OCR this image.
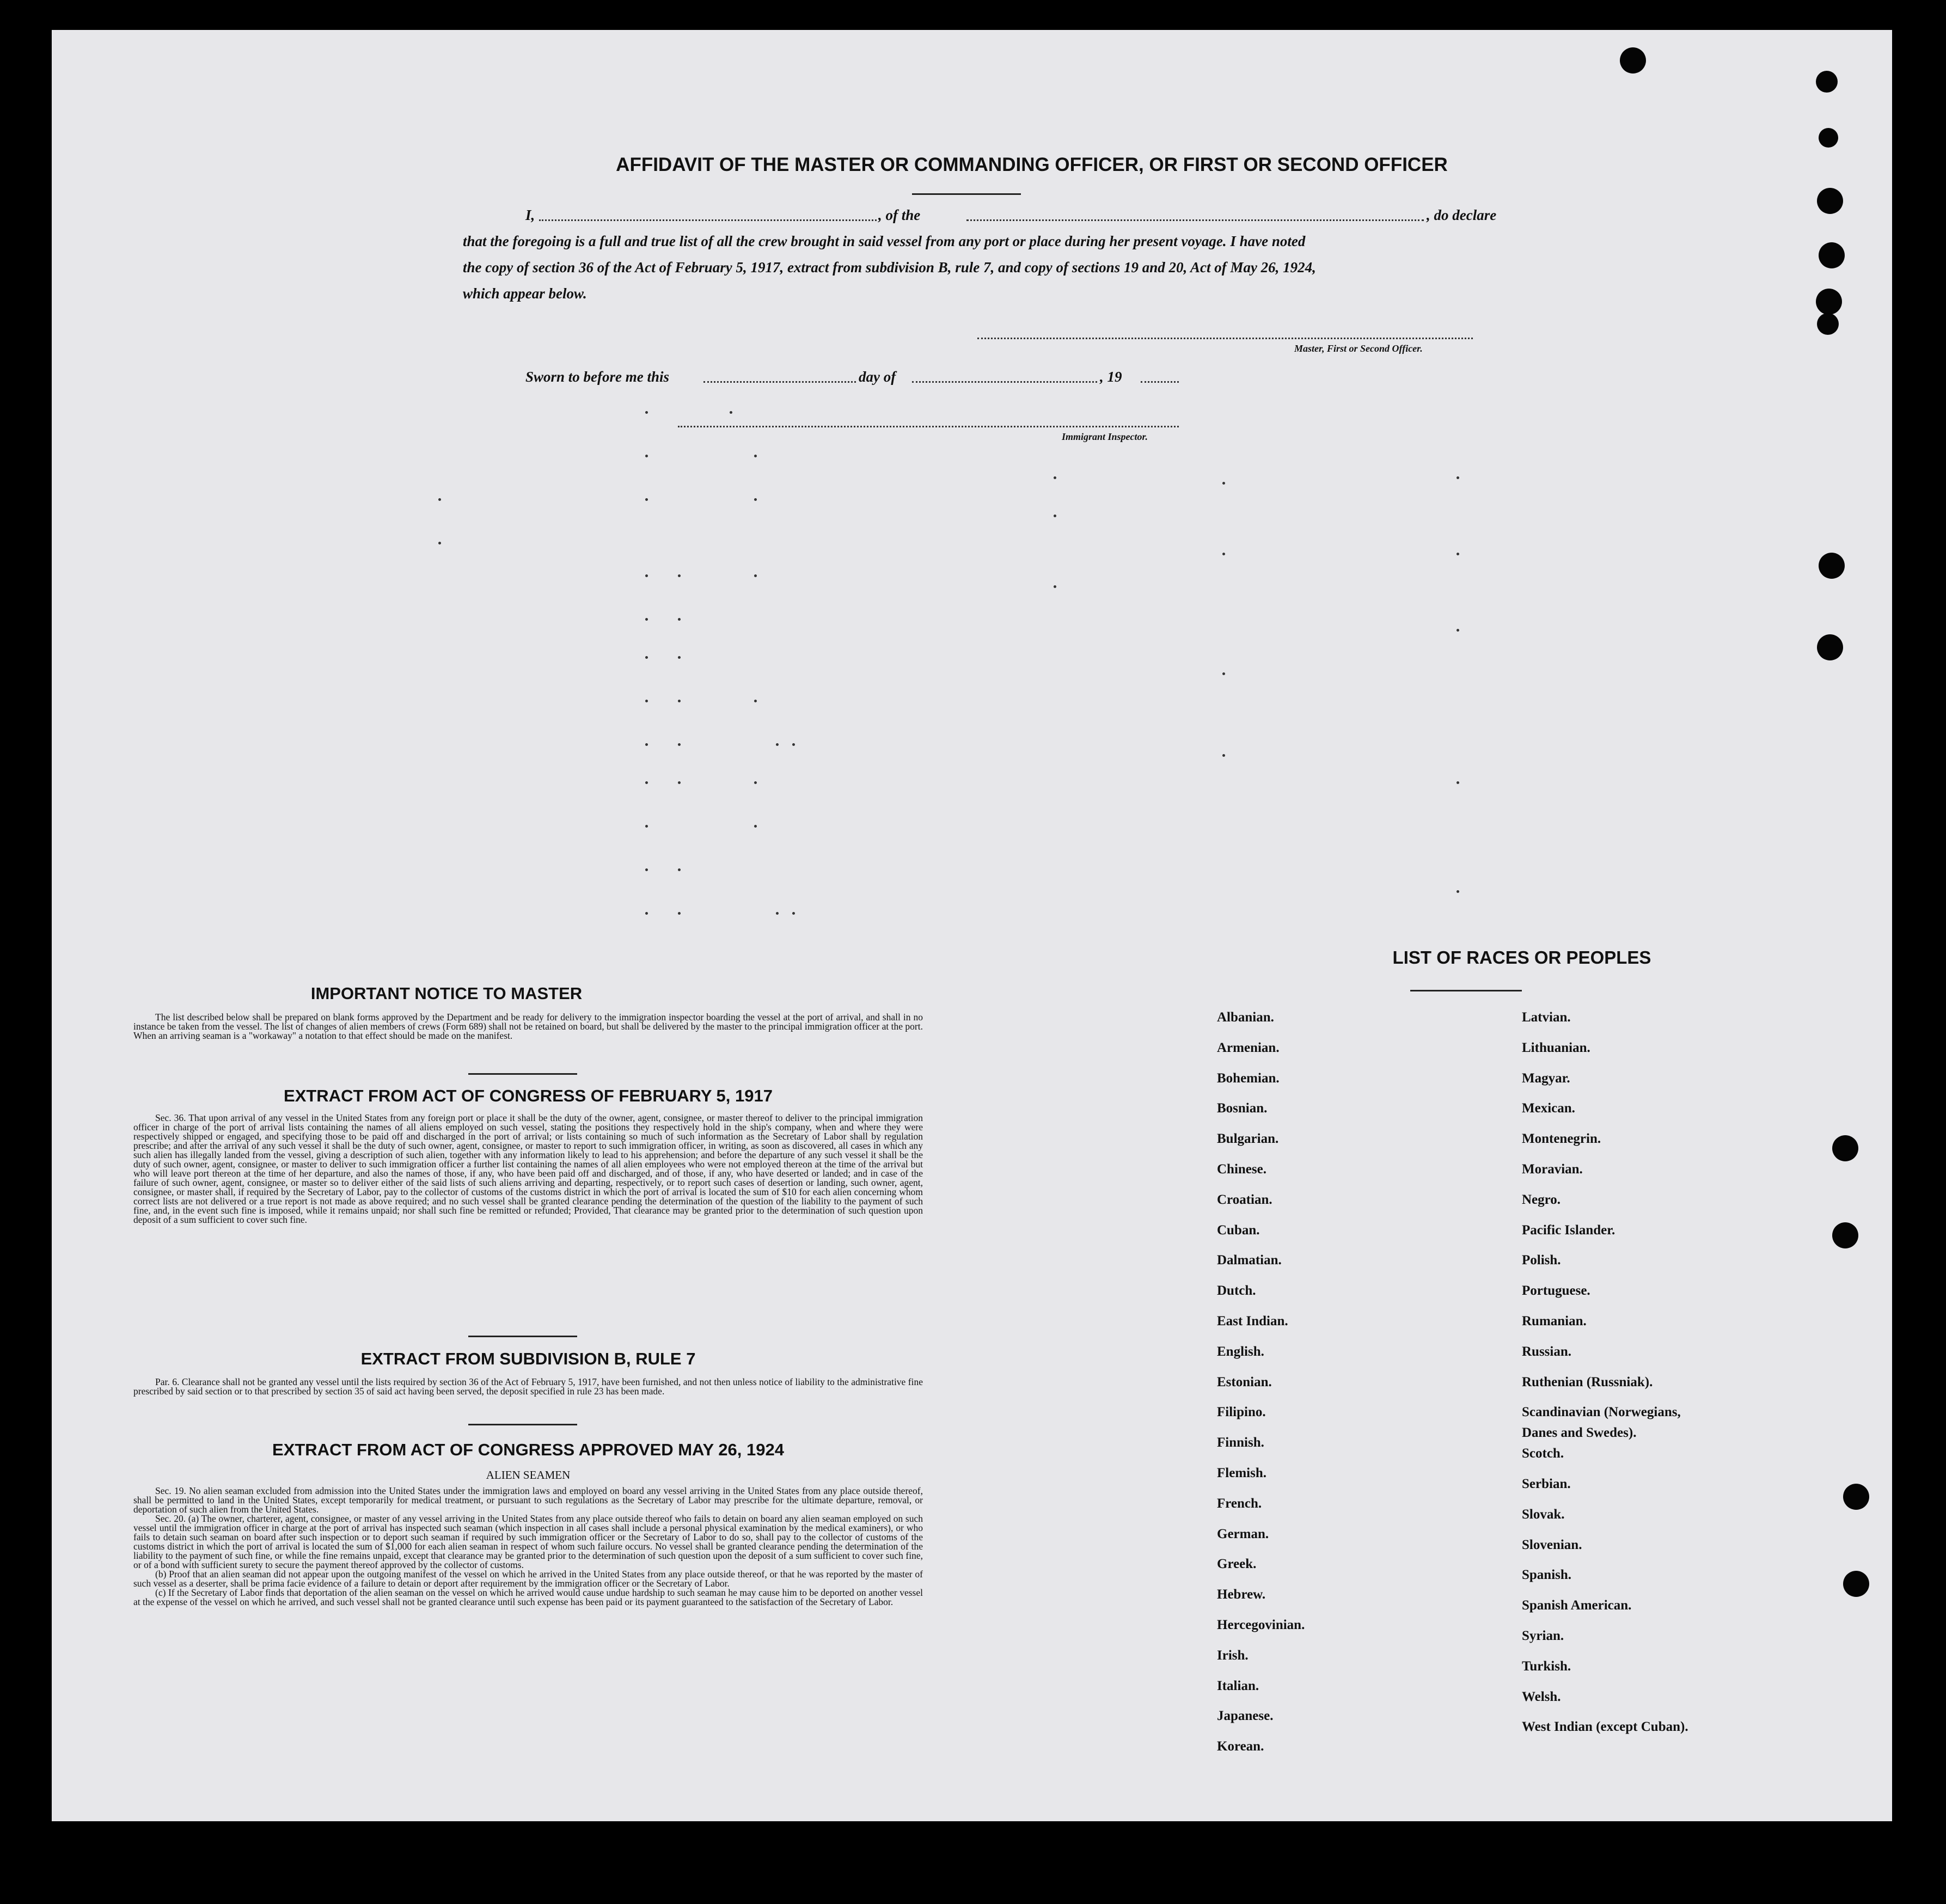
AFFIDAVIT OF THE MASTER OR COMMANDING OFFICER, OR FIRST OR SECOND OFFICER
I,	, of the	, do declare
that the foregoing is a full and true list of all the crew brought in said vessel from any port or place during her present voyage. I have noted
the copy of section 36 of the Act of February 5, 1917, extract from subdivision B, rule 7, and copy of sections 19 and 20, Act of May 26, 1924,
which appear below.
Master, First or Second Officer.
Sworn to before me this	day of	, 19
Immigrant Inspector.
IMPORTANT NOTICE TO MASTER

The list described below shall be prepared on blank forms approved by the Department and be ready for delivery to the immigration inspector boarding the vessel at the port of arrival, and shall in no instance be taken from the vessel. The list of changes of alien members of crews (Form 689) shall not be retained on board, but shall be delivered by the master to the principal immigration officer at the port. When an arriving seaman is a "workaway" a notation to that effect should be made on the manifest.

EXTRACT FROM ACT OF CONGRESS OF FEBRUARY 5, 1917

Sec. 36. That upon arrival of any vessel in the United States from any foreign port or place it shall be the duty of the owner, agent, consignee, or master thereof to deliver to the principal immigration officer in charge of the port of arrival lists containing the names of all aliens employed on such vessel, stating the positions they respectively hold in the ship's company, when and where they were respectively shipped or engaged, and specifying those to be paid off and discharged in the port of arrival; or lists containing so much of such information as the Secretary of Labor shall by regulation prescribe; and after the arrival of any such vessel it shall be the duty of such owner, agent, consignee, or master to report to such immigration officer, in writing, as soon as discovered, all cases in which any such alien has illegally landed from the vessel, giving a description of such alien, together with any information likely to lead to his apprehension; and before the departure of any such vessel it shall be the duty of such owner, agent, consignee, or master to deliver to such immigration officer a further list containing the names of all alien employees who were not employed thereon at the time of the arrival but who will leave port thereon at the time of her departure, and also the names of those, if any, who have been paid off and discharged, and of those, if any, who have deserted or landed; and in case of the failure of such owner, agent, consignee, or master so to deliver either of the said lists of such aliens arriving and departing, respectively, or to report such cases of desertion or landing, such owner, agent, consignee, or master shall, if required by the Secretary of Labor, pay to the collector of customs of the customs district in which the port of arrival is located the sum of $10 for each alien concerning whom correct lists are not delivered or a true report is not made as above required; and no such vessel shall be granted clearance pending the determination of the question of the liability to the payment of such fine, and, in the event such fine is imposed, while it remains unpaid; nor shall such fine be remitted or refunded; Provided, That clearance may be granted prior to the determination of such question upon deposit of a sum sufficient to cover such fine.

EXTRACT FROM SUBDIVISION B, RULE 7

Par. 6. Clearance shall not be granted any vessel until the lists required by section 36 of the Act of February 5, 1917, have been furnished, and not then unless notice of liability to the administrative fine prescribed by said section or to that prescribed by section 35 of said act having been served, the deposit specified in rule 23 has been made.

EXTRACT FROM ACT OF CONGRESS APPROVED MAY 26, 1924
ALIEN SEAMEN

Sec. 19. No alien seaman excluded from admission into the United States under the immigration laws and employed on board any vessel arriving in the United States from any place outside thereof, shall be permitted to land in the United States, except temporarily for medical treatment, or pursuant to such regulations as the Secretary of Labor may prescribe for the ultimate departure, removal, or deportation of such alien from the United States.

Sec. 20. (a) The owner, charterer, agent, consignee, or master of any vessel arriving in the United States from any place outside thereof who fails to detain on board any alien seaman employed on such vessel until the immigration officer in charge at the port of arrival has inspected such seaman (which inspection in all cases shall include a personal physical examination by the medical examiners), or who fails to detain such seaman on board after such inspection or to deport such seaman if required by such immigration officer or the Secretary of Labor to do so, shall pay to the collector of customs of the customs district in which the port of arrival is located the sum of $1,000 for each alien seaman in respect of whom such failure occurs. No vessel shall be granted clearance pending the determination of the liability to the payment of such fine, or while the fine remains unpaid, except that clearance may be granted prior to the determination of such question upon the deposit of a sum sufficient to cover such fine, or of a bond with sufficient surety to secure the payment thereof approved by the collector of customs.

(b) Proof that an alien seaman did not appear upon the outgoing manifest of the vessel on which he arrived in the United States from any place outside thereof, or that he was reported by the master of such vessel as a deserter, shall be prima facie evidence of a failure to detain or deport after requirement by the immigration officer or the Secretary of Labor.

(c) If the Secretary of Labor finds that deportation of the alien seaman on the vessel on which he arrived would cause undue hardship to such seaman he may cause him to be deported on another vessel at the expense of the vessel on which he arrived, and such vessel shall not be granted clearance until such expense has been paid or its payment guaranteed to the satisfaction of the Secretary of Labor.

LIST OF RACES OR PEOPLES
Albanian.
Armenian.
Bohemian.
Bosnian.
Bulgarian.
Chinese.
Croatian.
Cuban.
Dalmatian.
Dutch.
East Indian.
English.
Estonian.
Filipino.
Finnish.
Flemish.
French.
German.
Greek.
Hebrew.
Hercegovinian.
Irish.
Italian.
Japanese.
Korean.
Latvian.
Lithuanian.
Magyar.
Mexican.
Montenegrin.
Moravian.
Negro.
Pacific Islander.
Polish.
Portuguese.
Rumanian.
Russian.
Ruthenian (Russniak).
Scandinavian (Norwegians,
Danes and Swedes).
Scotch.
Serbian.
Slovak.
Slovenian.
Spanish.
Spanish American.
Syrian.
Turkish.
Welsh.
West Indian (except Cuban).
